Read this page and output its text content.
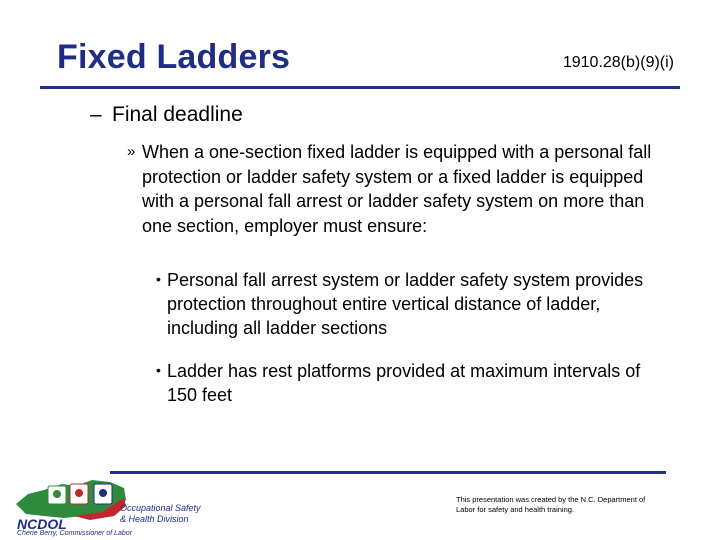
Fixed Ladders	1910.28(b)(9)(i)
– Final deadline
» When a one-section fixed ladder is equipped with a personal fall protection or ladder safety system or a fixed ladder is equipped with a personal fall arrest or ladder safety system on more than one section, employer must ensure:
• Personal fall arrest system or ladder safety system provides protection throughout entire vertical distance of ladder, including all ladder sections
• Ladder has rest platforms provided at maximum intervals of 150 feet
Occupational Safety
& Health Division
NCDOL
Cherie Berry, Commissioner of Labor
This presentation was created by the N.C. Department of Labor for safety and health training.
